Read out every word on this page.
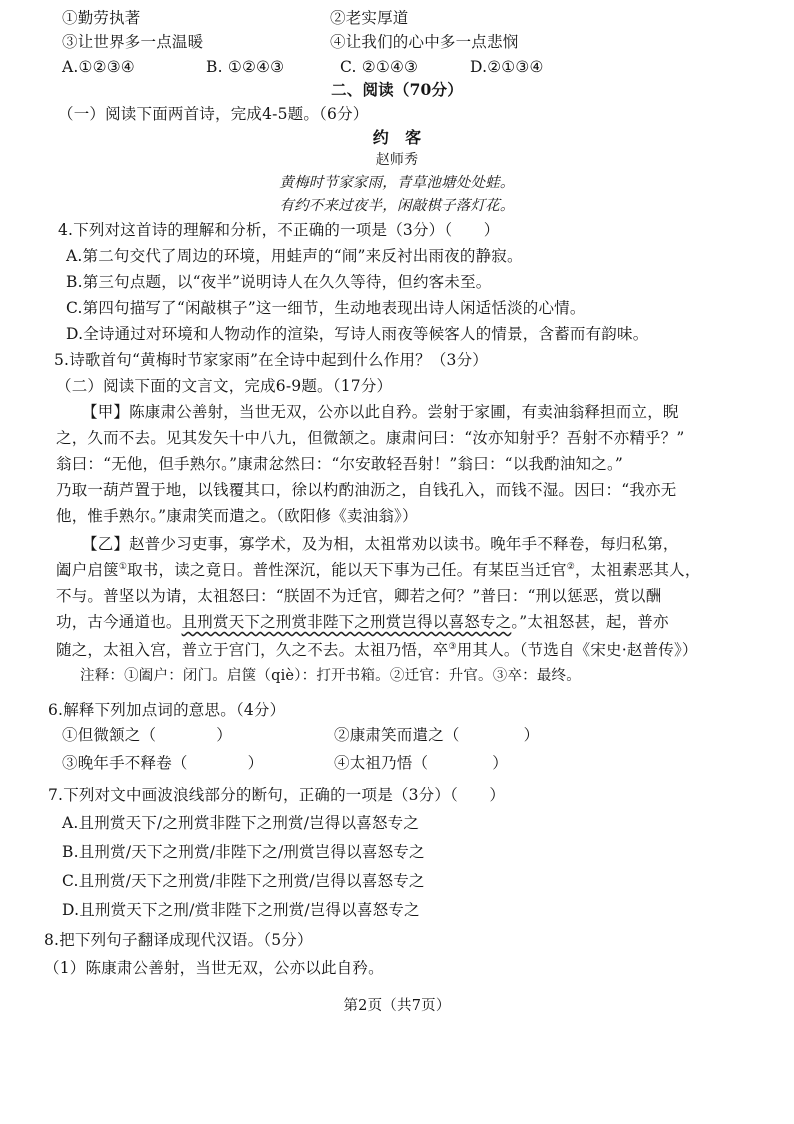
①勤劳执著	②老实厚道
③让世界多一点温暖	④让我们的心中多一点悲悯
A.①②③④	B. ①②④③	C. ②①④③	D.②①③④
二、阅读（70分）
（一）阅读下面两首诗，完成4-5题。（6分）
约　客
赵师秀
黄梅时节家家雨，青草池塘处处蛙。
有约不来过夜半，闲敲棋子落灯花。
4.下列对这首诗的理解和分析，不正确的一项是（3分）（　　）
A.第二句交代了周边的环境，用蛙声的“闹”来反衬出雨夜的静寂。
B.第三句点题，以“夜半”说明诗人在久久等待，但约客未至。
C.第四句描写了“闲敲棋子”这一细节，生动地表现出诗人闲适恬淡的心情。
D.全诗通过对环境和人物动作的渲染，写诗人雨夜等候客人的情景，含蓄而有韵味。
5.诗歌首句“黄梅时节家家雨”在全诗中起到什么作用？（3分）
（二）阅读下面的文言文，完成6-9题。（17分）
【甲】陈康肃公善射，当世无双，公亦以此自矜。尝射于家圃，有卖油翁释担而立，睨
之，久而不去。见其发矢十中八九，但微颔之。康肃问曰：“汝亦知射乎？吾射不亦精乎？”
翁曰：“无他，但手熟尔。”康肃忿然曰：“尔安敢轻吾射！”翁曰：“以我酌油知之。”
乃取一葫芦置于地，以钱覆其口，徐以杓酌油沥之，自钱孔入，而钱不湿。因曰：“我亦无
他，惟手熟尔。”康肃笑而遣之。（欧阳修《卖油翁》）
【乙】赵普少习吏事，寡学术，及为相，太祖常劝以读书。晚年手不释卷，每归私第，
阖户启箧①取书，读之竟日。普性深沉，能以天下事为己任。有某臣当迁官②，太祖素恶其人，
不与。普坚以为请，太祖怒曰：“朕固不为迁官，卿若之何？”普曰：“刑以惩恶，赏以酬
功，古今通道也。且刑赏天下之刑赏非陛下之刑赏岂得以喜怒专之。”太祖怒甚，起，普亦
随之，太祖入宫，普立于宫门，久之不去。太祖乃悟，卒③用其人。（节选自《宋史·赵普传》）
注释：①阖户：闭门。启箧（qiè）：打开书箱。②迁官：升官。③卒：最终。
6.解释下列加点词的意思。（4分）
①但微颔之（	）	②康肃笑而遣之（	）
③晚年手不释卷（	）	④太祖乃悟（	）
7.下列对文中画波浪线部分的断句，正确的一项是（3分）（　　）
A.且刑赏天下/之刑赏非陛下之刑赏/岂得以喜怒专之
B.且刑赏/天下之刑赏/非陛下之/刑赏岂得以喜怒专之
C.且刑赏/天下之刑赏/非陛下之刑赏/岂得以喜怒专之
D.且刑赏天下之刑/赏非陛下之刑赏/岂得以喜怒专之
8.把下列句子翻译成现代汉语。（5分）
（1）陈康肃公善射，当世无双，公亦以此自矜。
第2页（共7页）
